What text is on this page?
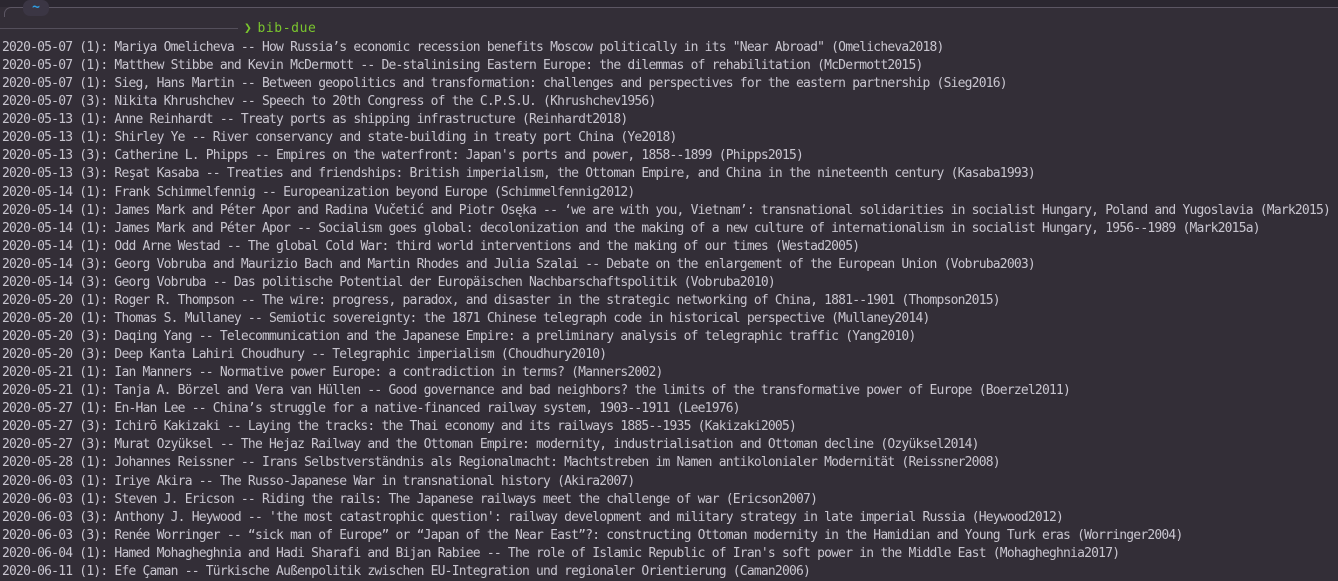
~
❯ bib-due
2020-05-07 (1): Mariya Omelicheva -- How Russia’s economic recession benefits Moscow politically in its "Near Abroad" (Omelicheva2018)
2020-05-07 (1): Matthew Stibbe and Kevin McDermott -- De-stalinising Eastern Europe: the dilemmas of rehabilitation (McDermott2015)
2020-05-07 (1): Sieg, Hans Martin -- Between geopolitics and transformation: challenges and perspectives for the eastern partnership (Sieg2016)
2020-05-07 (3): Nikita Khrushchev -- Speech to 20th Congress of the C.P.S.U. (Khrushchev1956)
2020-05-13 (1): Anne Reinhardt -- Treaty ports as shipping infrastructure (Reinhardt2018)
2020-05-13 (1): Shirley Ye -- River conservancy and state-building in treaty port China (Ye2018)
2020-05-13 (3): Catherine L. Phipps -- Empires on the waterfront: Japan's ports and power, 1858--1899 (Phipps2015)
2020-05-13 (3): Reşat Kasaba -- Treaties and friendships: British imperialism, the Ottoman Empire, and China in the nineteenth century (Kasaba1993)
2020-05-14 (1): Frank Schimmelfennig -- Europeanization beyond Europe (Schimmelfennig2012)
2020-05-14 (1): James Mark and Péter Apor and Radina Vučetić and Piotr Osęka -- ‘we are with you, Vietnam’: transnational solidarities in socialist Hungary, Poland and Yugoslavia (Mark2015)
2020-05-14 (1): James Mark and Péter Apor -- Socialism goes global: decolonization and the making of a new culture of internationalism in socialist Hungary, 1956--1989 (Mark2015a)
2020-05-14 (1): Odd Arne Westad -- The global Cold War: third world interventions and the making of our times (Westad2005)
2020-05-14 (3): Georg Vobruba and Maurizio Bach and Martin Rhodes and Julia Szalai -- Debate on the enlargement of the European Union (Vobruba2003)
2020-05-14 (3): Georg Vobruba -- Das politische Potential der Europäischen Nachbarschaftspolitik (Vobruba2010)
2020-05-20 (1): Roger R. Thompson -- The wire: progress, paradox, and disaster in the strategic networking of China, 1881--1901 (Thompson2015)
2020-05-20 (1): Thomas S. Mullaney -- Semiotic sovereignty: the 1871 Chinese telegraph code in historical perspective (Mullaney2014)
2020-05-20 (3): Daqing Yang -- Telecommunication and the Japanese Empire: a preliminary analysis of telegraphic traffic (Yang2010)
2020-05-20 (3): Deep Kanta Lahiri Choudhury -- Telegraphic imperialism (Choudhury2010)
2020-05-21 (1): Ian Manners -- Normative power Europe: a contradiction in terms? (Manners2002)
2020-05-21 (1): Tanja A. Börzel and Vera van Hüllen -- Good governance and bad neighbors? the limits of the transformative power of Europe (Boerzel2011)
2020-05-27 (1): En-Han Lee -- China’s struggle for a native-financed railway system, 1903--1911 (Lee1976)
2020-05-27 (3): Ichirō Kakizaki -- Laying the tracks: the Thai economy and its railways 1885--1935 (Kakizaki2005)
2020-05-27 (3): Murat Ozyüksel -- The Hejaz Railway and the Ottoman Empire: modernity, industrialisation and Ottoman decline (Ozyüksel2014)
2020-05-28 (1): Johannes Reissner -- Irans Selbstverständnis als Regionalmacht: Machtstreben im Namen antikolonialer Modernität (Reissner2008)
2020-06-03 (1): Iriye Akira -- The Russo-Japanese War in transnational history (Akira2007)
2020-06-03 (1): Steven J. Ericson -- Riding the rails: The Japanese railways meet the challenge of war (Ericson2007)
2020-06-03 (3): Anthony J. Heywood -- 'the most catastrophic question': railway development and military strategy in late imperial Russia (Heywood2012)
2020-06-03 (3): Renée Worringer -- “sick man of Europe” or “Japan of the Near East”?: constructing Ottoman modernity in the Hamidian and Young Turk eras (Worringer2004)
2020-06-04 (1): Hamed Mohagheghnia and Hadi Sharafi and Bijan Rabiee -- The role of Islamic Republic of Iran's soft power in the Middle East (Mohagheghnia2017)
2020-06-11 (1): Efe Çaman -- Türkische Außenpolitik zwischen EU-Integration und regionaler Orientierung (Caman2006)
